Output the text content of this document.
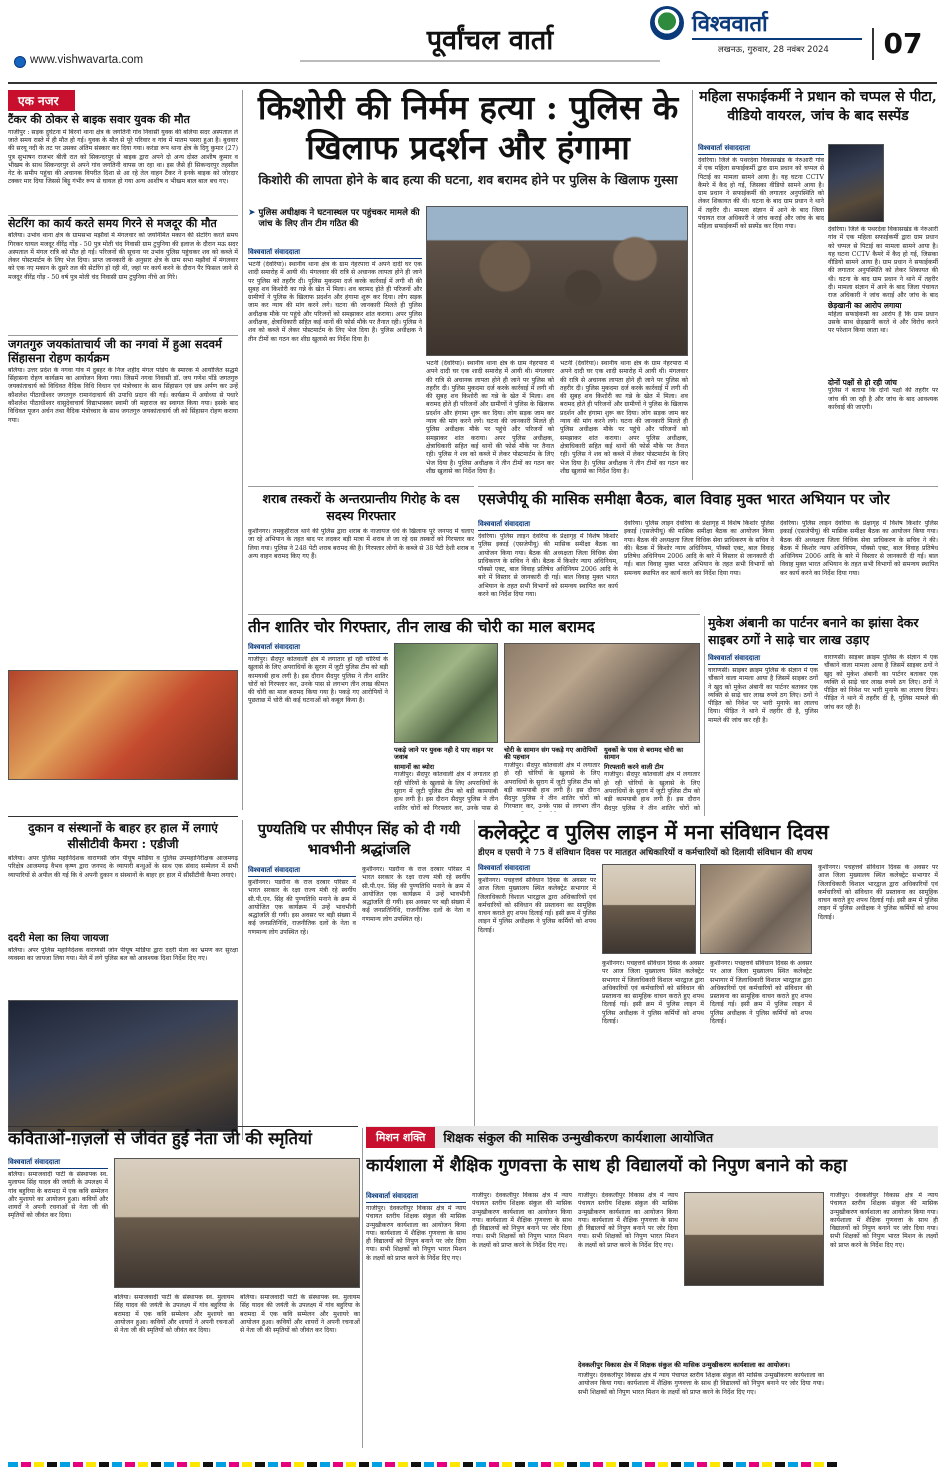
www.vishwavarta.com
पूर्वांचल वार्ता
विश्ववार्ता
लखनऊ, गुरुवार, 28 नवंबर 2024	07
एक नजर
टैंकर की ठोकर से बाइक सवार युवक की मौत
गाजीपुर : सड़क दुर्घटना में बिरनो थाना क्षेत्र के जगतिनी गांव निवासी युवक की बलिया सदर अस्पताल ले जाते समय रास्ते में ही मौत हो गई। युवक के मौत से पूरे परिवार व गांव में मातम पसरा हुआ है। बुधवार की सरयू नदी के तट पर उसका अंतिम संस्कार कर दिया गया। करंडा रूप थाना क्षेत्र के दिगु कुमार (27) पुत्र सुभाषन राजभर बीती रात को सिकन्दरपुर से बाइक द्वारा अपने दो अन्य दोस्त आशीष कुमार व भीखम के साथ सिकन्दरपुर से अपने गांव जगतिनी वापस जा रहा था। इस जैसे ही सिकन्दरपुर तहसील गेट के समीप पहुंचा की अचानक विपरीत दिशा से आ रहे तेल वाहन टैंकर ने इनके बाइक को जोरदार टक्कर मार दिया जिससे बिट्टू गंभीर रूप से घायल हो गया अन्य आशीष व भीखम बाल बाल बच गए।
सेटरिंग का कार्य करते समय गिरने से मजदूर की मौत
बलिया। उभांव थाना क्षेत्र के ग्रामसभा मझौवां में मंगलवार को जयनिर्मित मकान की सेटरिंग करते समय गिरकर घायल मजदूर वीरेंद्र गोंड़ - 50 पुत्र मोती चंद निवासी ग्राम टुपुनिया की इलाज के दौरान मऊ सदर अस्पताल में मंगल रात्रि को मौत हो गई। परिजनों की सूचना पर उभांव पुलिस पहुंचकर शव को कब्जे में लेकर पोस्टमार्टम के लिए भेज दिया। प्राप्त जानकारी के अनुसार क्षेत्र के ग्राम सभा मझौवां में मंगलवार को एक नए मकान के दूसरे तल की सेटरिंग हो रही थी, जहां पर कार्य करने के दौरान पैर फिसल जाने से मजदूर वीरेंद्र गोंड़ - 50 वर्ष पुत्र मोती चंद निवासी ग्राम टुपुनिया नीचे आ गिरे।
जगतगुरु जयकांताचार्य जी का नगवां में हुआ सदवर्म सिंहासना रोहण कार्यक्रम
बलिया। उत्तर प्रदेश के नगवा गांव में दुबहर के निज शहीद मंगल पांडेय के स्मारक में आयोजित सद्धर्म सिंहासना रोहण कार्यक्रम का आयोजन किया गया। जिसमें नगवा निवासी डॉ. जय गणेश पाँडे जगतगुरु जयकांताचार्य को विधिवत वैदिक विधि विधान एवं मंत्रोच्चार के साथ सिंहासन एवं छत्र अर्पण कर उन्हें कौशलेश पीठाधीश्वर जगतगुरु रामानंदाचार्य की उपाधि प्रदान की गई। कार्यक्रम में अयोध्या से पधारे कौशलेश पीठाधीश्वर वासुदेवाचार्य विद्याभास्कर स्वामी जी महाराज का स्वागत किया गया। इसके बाद विधिवत पूजन अर्चन तथा वैदिक मंत्रोच्चार के साथ जगतगुरु जयकांताचार्य जी को सिंहासन रोहण कराया गया।
किशोरी की निर्मम हत्या : पुलिस के खिलाफ प्रदर्शन और हंगामा
किशोरी की लापता होने के बाद हत्या की घटना, शव बरामद होने पर पुलिस के खिलाफ गुस्सा
➤ पुलिस अधीक्षक ने घटनास्थल पर पहुंचकर मामले की जांच के लिए तीन टीम गठित की
विश्ववार्ता संवाददाता
भटनी (देवरिया)। स्थानीय थाना क्षेत्र के ग्राम नेहरपारा में अपने दादी घर एक शादी समारोह में आयी थी। मंगलवार की रात्रि से अचानक लापता होने ही जाने पर पुलिस को तहरीर दी। पुलिस मुकदमा दर्ज करके कार्रवाई में लगी थी की सुबह शव किशोरी का गन्ने के खेत में मिला। शव बरामद होते ही परिजनों और ग्रामीणों ने पुलिस के खिलाफ प्रदर्शन और हंगामा शुरू कर दिया। लोग सड़क जाम कर न्याय की मांग करने लगे। घटना की जानकारी मिलते ही पुलिस अधीक्षक मौके पर पहुंचे और परिजनों को समझाकर शांत कराया। अपर पुलिस अधीक्षक, क्षेत्राधिकारी सहित कई थानों की फोर्स मौके पर तैनात रही। पुलिस ने शव को कब्जे में लेकर पोस्टमार्टम के लिए भेज दिया है। पुलिस अधीक्षक ने तीन टीमों का गठन कर शीघ्र खुलासे का निर्देश दिया है।
भटनी (देवरिया)। स्थानीय थाना क्षेत्र के ग्राम नेहरपारा में अपने दादी घर एक शादी समारोह में आयी थी। मंगलवार की रात्रि से अचानक लापता होने ही जाने पर पुलिस को तहरीर दी। पुलिस मुकदमा दर्ज करके कार्रवाई में लगी थी की सुबह शव किशोरी का गन्ने के खेत में मिला। शव बरामद होते ही परिजनों और ग्रामीणों ने पुलिस के खिलाफ प्रदर्शन और हंगामा शुरू कर दिया। लोग सड़क जाम कर न्याय की मांग करने लगे। घटना की जानकारी मिलते ही पुलिस अधीक्षक मौके पर पहुंचे और परिजनों को समझाकर शांत कराया। अपर पुलिस अधीक्षक, क्षेत्राधिकारी सहित कई थानों की फोर्स मौके पर तैनात रही। पुलिस ने शव को कब्जे में लेकर पोस्टमार्टम के लिए भेज दिया है। पुलिस अधीक्षक ने तीन टीमों का गठन कर शीघ्र खुलासे का निर्देश दिया है।
भटनी (देवरिया)। स्थानीय थाना क्षेत्र के ग्राम नेहरपारा में अपने दादी घर एक शादी समारोह में आयी थी। मंगलवार की रात्रि से अचानक लापता होने ही जाने पर पुलिस को तहरीर दी। पुलिस मुकदमा दर्ज करके कार्रवाई में लगी थी की सुबह शव किशोरी का गन्ने के खेत में मिला। शव बरामद होते ही परिजनों और ग्रामीणों ने पुलिस के खिलाफ प्रदर्शन और हंगामा शुरू कर दिया। लोग सड़क जाम कर न्याय की मांग करने लगे। घटना की जानकारी मिलते ही पुलिस अधीक्षक मौके पर पहुंचे और परिजनों को समझाकर शांत कराया। अपर पुलिस अधीक्षक, क्षेत्राधिकारी सहित कई थानों की फोर्स मौके पर तैनात रही। पुलिस ने शव को कब्जे में लेकर पोस्टमार्टम के लिए भेज दिया है। पुलिस अधीक्षक ने तीन टीमों का गठन कर शीघ्र खुलासे का निर्देश दिया है।
महिला सफाईकर्मी ने प्रधान को चप्पल से पीटा, वीडियो वायरल, जांच के बाद सस्पेंड
विश्ववार्ता संवाददाता
देवरिया। जिले के पथरदेवा विकासखंड के नेरुआरी गांव में एक महिला सफाईकर्मी द्वारा ग्राम प्रधान को चप्पल से पिटाई का मामला सामने आया है। यह घटना CCTV कैमरे में कैद हो गई, जिसका वीडियो सामने आया है। ग्राम प्रधान ने सफाईकर्मी की लगातार अनुपस्थिति को लेकर शिकायत की थी। घटना के बाद ग्राम प्रधान ने थाने में तहरीर दी। मामला संज्ञान में आने के बाद जिला पंचायत राज अधिकारी ने जांच कराई और जांच के बाद महिला सफाईकर्मी को सस्पेंड कर दिया गया।	देवरिया। जिले के पथरदेवा विकासखंड के नेरुआरी गांव में एक महिला सफाईकर्मी द्वारा ग्राम प्रधान को चप्पल से पिटाई का मामला सामने आया है। यह घटना CCTV कैमरे में कैद हो गई, जिसका वीडियो सामने आया है। ग्राम प्रधान ने सफाईकर्मी की लगातार अनुपस्थिति को लेकर शिकायत की थी। घटना के बाद ग्राम प्रधान ने थाने में तहरीर दी। मामला संज्ञान में आने के बाद जिला पंचायत राज अधिकारी ने जांच कराई और जांच के बाद
छेड़खानी का आरोप लगाया
महिला सफाईकर्मी का आरोप है कि ग्राम प्रधान उसके साथ छेड़खानी करते थे और विरोध करने पर परेशान किया जाता था।
दोनों पक्षों से हो रही जांच
पुलिस ने बताया कि दोनों पक्षों की तहरीर पर जांच की जा रही है और जांच के बाद आवश्यक कार्रवाई की जाएगी।
शराब तस्करों के अन्तरप्रान्तीय गिरोह के दस सदस्य गिरफ्तार
कुशीनगर। तमकुहीराज थाने की पुलिस द्वारा शराब के नाजायज धंधे के खिलाफ पूरे जनपद में चलाए जा रहे अभियान के तहत बाद पर लदकर बड़ी मात्रा में शराब ले जा रहे दस तस्करों को गिरफ्तार कर लिया गया। पुलिस ने 248 पेटी शराब बरामद की है। गिरफ्तार लोगों के कब्जे से 38 पेटी देशी शराब व अन्य वाहन बरामद किए गए हैं।
एसजेपीयू की मासिक समीक्षा बैठक, बाल विवाह मुक्त भारत अभियान पर जोर
विश्ववार्ता संवाददाता
देवरिया। पुलिस लाइन देवरिया के प्रेक्षागृह में विशेष किशोर पुलिस इकाई (एसजेपीयू) की मासिक समीक्षा बैठक का आयोजन किया गया। बैठक की अध्यक्षता जिला विधिक सेवा प्राधिकरण के सचिव ने की। बैठक में किशोर न्याय अधिनियम, पॉक्सो एक्ट, बाल विवाह प्रतिषेध अधिनियम 2006 आदि के बारे में विस्तार से जानकारी दी गई। बाल विवाह मुक्त भारत अभियान के तहत सभी विभागों को समन्वय स्थापित कर कार्य करने का निर्देश दिया गया।
देवरिया। पुलिस लाइन देवरिया के प्रेक्षागृह में विशेष किशोर पुलिस इकाई (एसजेपीयू) की मासिक समीक्षा बैठक का आयोजन किया गया। बैठक की अध्यक्षता जिला विधिक सेवा प्राधिकरण के सचिव ने की। बैठक में किशोर न्याय अधिनियम, पॉक्सो एक्ट, बाल विवाह प्रतिषेध अधिनियम 2006 आदि के बारे में विस्तार से जानकारी दी गई। बाल विवाह मुक्त भारत अभियान के तहत सभी विभागों को समन्वय स्थापित कर कार्य करने का निर्देश दिया गया।
देवरिया। पुलिस लाइन देवरिया के प्रेक्षागृह में विशेष किशोर पुलिस इकाई (एसजेपीयू) की मासिक समीक्षा बैठक का आयोजन किया गया। बैठक की अध्यक्षता जिला विधिक सेवा प्राधिकरण के सचिव ने की। बैठक में किशोर न्याय अधिनियम, पॉक्सो एक्ट, बाल विवाह प्रतिषेध अधिनियम 2006 आदि के बारे में विस्तार से जानकारी दी गई। बाल विवाह मुक्त भारत अभियान के तहत सभी विभागों को समन्वय स्थापित कर कार्य करने का निर्देश दिया गया।
तीन शातिर चोर गिरफ्तार, तीन लाख की चोरी का माल बरामद
विश्ववार्ता संवाददाता
गाजीपुर। सैदपुर कोतवाली क्षेत्र में लगातार हो रही चोरियों के खुलासे के लिए अपराधियों के सुराग में जुटी पुलिस टीम को बड़ी कामयाबी हाथ लगी है। इस दौरान सैदपुर पुलिस ने तीन शातिर चोरों को गिरफ्तार कर, उनके पास से लगभग तीन लाख कीमत की चोरी का माल बरामद किया गया है। पकड़े गए आरोपियों ने पूछताछ में चोरी की कई घटनाओं को कबूल किया है।
पकड़े जाने पर युवक नही दे पाए वाहन पर जवाब
सामानों का ब्योरा
गाजीपुर। सैदपुर कोतवाली क्षेत्र में लगातार हो रही चोरियों के खुलासे के लिए अपराधियों के सुराग में जुटी पुलिस टीम को बड़ी कामयाबी हाथ लगी है। इस दौरान सैदपुर पुलिस ने तीन शातिर चोरों को गिरफ्तार कर, उनके पास से
चोरी के सामान संग पकड़े गए आरोपियों की पहचान
गाजीपुर। सैदपुर कोतवाली क्षेत्र में लगातार हो रही चोरियों के खुलासे के लिए अपराधियों के सुराग में जुटी पुलिस टीम को बड़ी कामयाबी हाथ लगी है। इस दौरान सैदपुर पुलिस ने तीन शातिर चोरों को गिरफ्तार कर, उनके पास से लगभग तीन
युवकों के पास से बरामद चोरी का सामान
गिरफ्तारी करने वाली टीम
गाजीपुर। सैदपुर कोतवाली क्षेत्र में लगातार हो रही चोरियों के खुलासे के लिए अपराधियों के सुराग में जुटी पुलिस टीम को बड़ी कामयाबी हाथ लगी है। इस दौरान सैदपुर पुलिस ने तीन शातिर चोरों को
मुकेश अंबानी का पार्टनर बनाने का झांसा देकर साइबर ठगों ने साढ़े चार लाख उड़ाए
विश्ववार्ता संवाददाता
वाराणसी। साइबर क्राइम पुलिस के संज्ञान में एक चौंकाने वाला मामला आया है जिसमें साइबर ठगों ने खुद को मुकेश अंबानी का पार्टनर बताकर एक व्यक्ति से साढ़े चार लाख रुपये ठग लिए। ठगों ने पीड़ित को निवेश पर भारी मुनाफे का लालच दिया। पीड़ित ने थाने में तहरीर दी है, पुलिस मामले की जांच कर रही है।
वाराणसी। साइबर क्राइम पुलिस के संज्ञान में एक चौंकाने वाला मामला आया है जिसमें साइबर ठगों ने खुद को मुकेश अंबानी का पार्टनर बताकर एक व्यक्ति से साढ़े चार लाख रुपये ठग लिए। ठगों ने पीड़ित को निवेश पर भारी मुनाफे का लालच दिया। पीड़ित ने थाने में तहरीर दी है, पुलिस मामले की जांच कर रही है।
दुकान व संस्थानों के बाहर हर हाल में लगाएं सीसीटीवी कैमरा : एडीजी
बलिया। अपर पुलिस महानिदेशक वाराणसी जोन पीयूष मोर्डिया व पुलिस उपमहानिरीक्षक आजमगढ़ परिक्षेत्र आजमगढ़ वैभव कृष्ण द्वारा जनपद के व्यापारी बन्धुओं के साथ एक संवाद सम्मेलन में सभी व्यापारियों से अपील की गई कि वे अपनी दुकान व संस्थानों के बाहर हर हाल में सीसीटीवी कैमरा लगाएं।
ददरी मेला का लिया जायजा
बलिया। अपर पुलिस महानिदेशक वाराणसी जोन पीयूष मोर्डिया द्वारा ददरी मेला का भ्रमण कर सुरक्षा व्यवस्था का जायजा लिया गया। मेले में लगे पुलिस बल को आवश्यक दिशा निर्देश दिए गए।
पुण्यतिथि पर सीपीएन सिंह को दी गयी भावभीनी श्रद्धांजलि
विश्ववार्ता संवाददाता
कुशीनगर। पडरौना के राज दरबार परिसर में भारत सरकार के रक्षा राज्य मंत्री रहे स्वर्गीय सी.पी.एन. सिंह की पुण्यतिथि मनाने के क्रम में आयोजित एक कार्यक्रम में उन्हें भावभीनी श्रद्धांजलि दी गयी। इस अवसर पर बड़ी संख्या में कई जनप्रतिनिधि, राजनीतिक दलों के नेता व गणमान्य लोग उपस्थित रहे।
कुशीनगर। पडरौना के राज दरबार परिसर में भारत सरकार के रक्षा राज्य मंत्री रहे स्वर्गीय सी.पी.एन. सिंह की पुण्यतिथि मनाने के क्रम में आयोजित एक कार्यक्रम में उन्हें भावभीनी श्रद्धांजलि दी गयी। इस अवसर पर बड़ी संख्या में कई जनप्रतिनिधि, राजनीतिक दलों के नेता व गणमान्य लोग उपस्थित रहे।
कलेक्ट्रेट व पुलिस लाइन में मना संविधान दिवस
डीएम व एसपी ने 75 वें संविधान दिवस पर मातहत अधिकारियों व कर्मचारियों को दिलायी संविधान की शपथ
विश्ववार्ता संवाददाता
कुशीनगर। पचहत्तवें संविधान दिवस के अवसर पर आज जिला मुख्यालय स्थित कलेक्ट्रेट सभागार में जिलाधिकारी विशाल भारद्वाज द्वारा अधिकारियों एवं कर्मचारियों को संविधान की प्रस्तावना का सामूहिक वाचन कराते हुए शपथ दिलाई गई। इसी क्रम में पुलिस लाइन में पुलिस अधीक्षक ने पुलिस कर्मियों को शपथ दिलाई।
कुशीनगर। पचहत्तवें संविधान दिवस के अवसर पर आज जिला मुख्यालय स्थित कलेक्ट्रेट सभागार में जिलाधिकारी विशाल भारद्वाज द्वारा अधिकारियों एवं कर्मचारियों को संविधान की प्रस्तावना का सामूहिक वाचन कराते हुए शपथ दिलाई गई। इसी क्रम में पुलिस लाइन में पुलिस अधीक्षक ने पुलिस कर्मियों को शपथ दिलाई।
कुशीनगर। पचहत्तवें संविधान दिवस के अवसर पर आज जिला मुख्यालय स्थित कलेक्ट्रेट सभागार में जिलाधिकारी विशाल भारद्वाज द्वारा अधिकारियों एवं कर्मचारियों को संविधान की प्रस्तावना का सामूहिक वाचन कराते हुए शपथ दिलाई गई। इसी क्रम में पुलिस लाइन में पुलिस अधीक्षक ने पुलिस कर्मियों को शपथ दिलाई।
कुशीनगर। पचहत्तवें संविधान दिवस के अवसर पर आज जिला मुख्यालय स्थित कलेक्ट्रेट सभागार में जिलाधिकारी विशाल भारद्वाज द्वारा अधिकारियों एवं कर्मचारियों को संविधान की प्रस्तावना का सामूहिक वाचन कराते हुए शपथ दिलाई गई। इसी क्रम में पुलिस लाइन में पुलिस अधीक्षक ने पुलिस कर्मियों को शपथ दिलाई।
कविताओं-ग़ज़लों से जीवंत हुईं नेता जी की स्मृतियां
विश्ववार्ता संवाददाता
बलिया। समाजवादी पार्टी के संस्थापक स्व. मुलायम सिंह यादव की जयंती के उपलक्ष्य में गांव बहुरिया के बरामदा में एक कवि सम्मेलन और मुशायरे का आयोजन हुआ। कवियों और शायरों ने अपनी रचनाओं से नेता जी की स्मृतियों को जीवंत कर दिया।
बलिया। समाजवादी पार्टी के संस्थापक स्व. मुलायम सिंह यादव की जयंती के उपलक्ष्य में गांव बहुरिया के बरामदा में एक कवि सम्मेलन और मुशायरे का आयोजन हुआ। कवियों और शायरों ने अपनी रचनाओं से नेता जी की स्मृतियों को जीवंत कर दिया।
बलिया। समाजवादी पार्टी के संस्थापक स्व. मुलायम सिंह यादव की जयंती के उपलक्ष्य में गांव बहुरिया के बरामदा में एक कवि सम्मेलन और मुशायरे का आयोजन हुआ। कवियों और शायरों ने अपनी रचनाओं से नेता जी की स्मृतियों को जीवंत कर दिया।
मिशन शक्ति	शिक्षक संकुल की मासिक उन्मुखीकरण कार्यशाला आयोजित
कार्यशाला में शैक्षिक गुणवत्ता के साथ ही विद्यालयों को निपुण बनाने को कहा
विश्ववार्ता संवाददाता
गाजीपुर। देवकलीपुर विकास क्षेत्र में न्याय पंचायत स्तरीय शिक्षक संकुल की मासिक उन्मुखीकरण कार्यशाला का आयोजन किया गया। कार्यशाला में शैक्षिक गुणवत्ता के साथ ही विद्यालयों को निपुण बनाने पर जोर दिया गया। सभी शिक्षकों को निपुण भारत मिशन के लक्ष्यों को प्राप्त करने के निर्देश दिए गए।
गाजीपुर। देवकलीपुर विकास क्षेत्र में न्याय पंचायत स्तरीय शिक्षक संकुल की मासिक उन्मुखीकरण कार्यशाला का आयोजन किया गया। कार्यशाला में शैक्षिक गुणवत्ता के साथ ही विद्यालयों को निपुण बनाने पर जोर दिया गया। सभी शिक्षकों को निपुण भारत मिशन के लक्ष्यों को प्राप्त करने के निर्देश दिए गए।
गाजीपुर। देवकलीपुर विकास क्षेत्र में न्याय पंचायत स्तरीय शिक्षक संकुल की मासिक उन्मुखीकरण कार्यशाला का आयोजन किया गया। कार्यशाला में शैक्षिक गुणवत्ता के साथ ही विद्यालयों को निपुण बनाने पर जोर दिया गया। सभी शिक्षकों को निपुण भारत मिशन के लक्ष्यों को प्राप्त करने के निर्देश दिए गए।
देवकलीपुर विकास क्षेत्र में शिक्षक संकुल की मासिक उन्मुखीकरण कार्यशाला का आयोजन।
गाजीपुर। देवकलीपुर विकास क्षेत्र में न्याय पंचायत स्तरीय शिक्षक संकुल की मासिक उन्मुखीकरण कार्यशाला का आयोजन किया गया। कार्यशाला में शैक्षिक गुणवत्ता के साथ ही विद्यालयों को निपुण बनाने पर जोर दिया गया। सभी शिक्षकों को निपुण भारत मिशन के लक्ष्यों को प्राप्त करने के निर्देश दिए गए।
गाजीपुर। देवकलीपुर विकास क्षेत्र में न्याय पंचायत स्तरीय शिक्षक संकुल की मासिक उन्मुखीकरण कार्यशाला का आयोजन किया गया। कार्यशाला में शैक्षिक गुणवत्ता के साथ ही विद्यालयों को निपुण बनाने पर जोर दिया गया। सभी शिक्षकों को निपुण भारत मिशन के लक्ष्यों को प्राप्त करने के निर्देश दिए गए।
